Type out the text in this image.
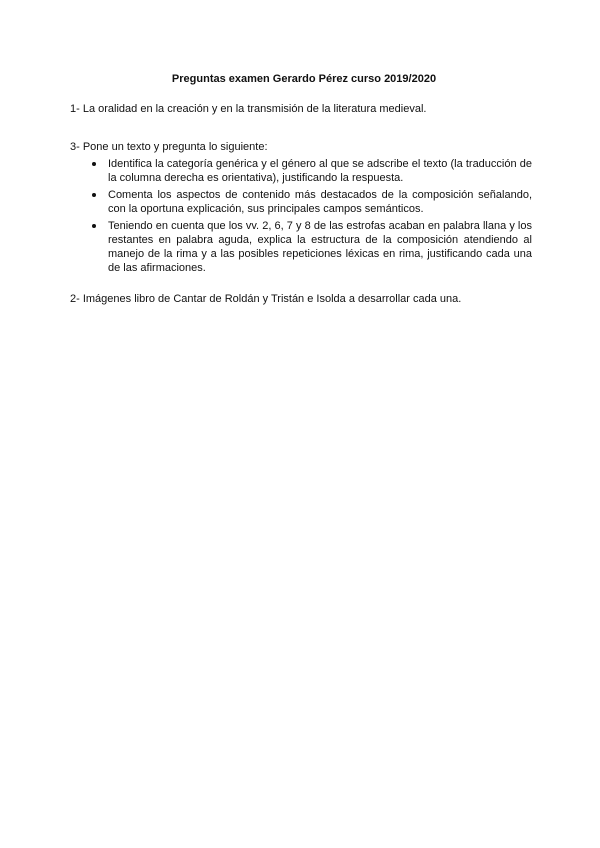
Preguntas examen Gerardo Pérez curso 2019/2020
1- La oralidad en la creación y en la transmisión de la literatura medieval.
3- Pone un texto y pregunta lo siguiente:
Identifica la categoría genérica y el género al que se adscribe el texto (la traducción de la columna derecha es orientativa), justificando la respuesta.
Comenta los aspectos de contenido más destacados de la composición señalando, con la oportuna explicación, sus principales campos semánticos.
Teniendo en cuenta que los vv. 2, 6, 7 y 8 de las estrofas acaban en palabra llana y los restantes en palabra aguda, explica la estructura de la composición atendiendo al manejo de la rima y a las posibles repeticiones léxicas en rima, justificando cada una de las afirmaciones.
2- Imágenes libro de Cantar de Roldán y Tristán e Isolda a desarrollar cada una.
